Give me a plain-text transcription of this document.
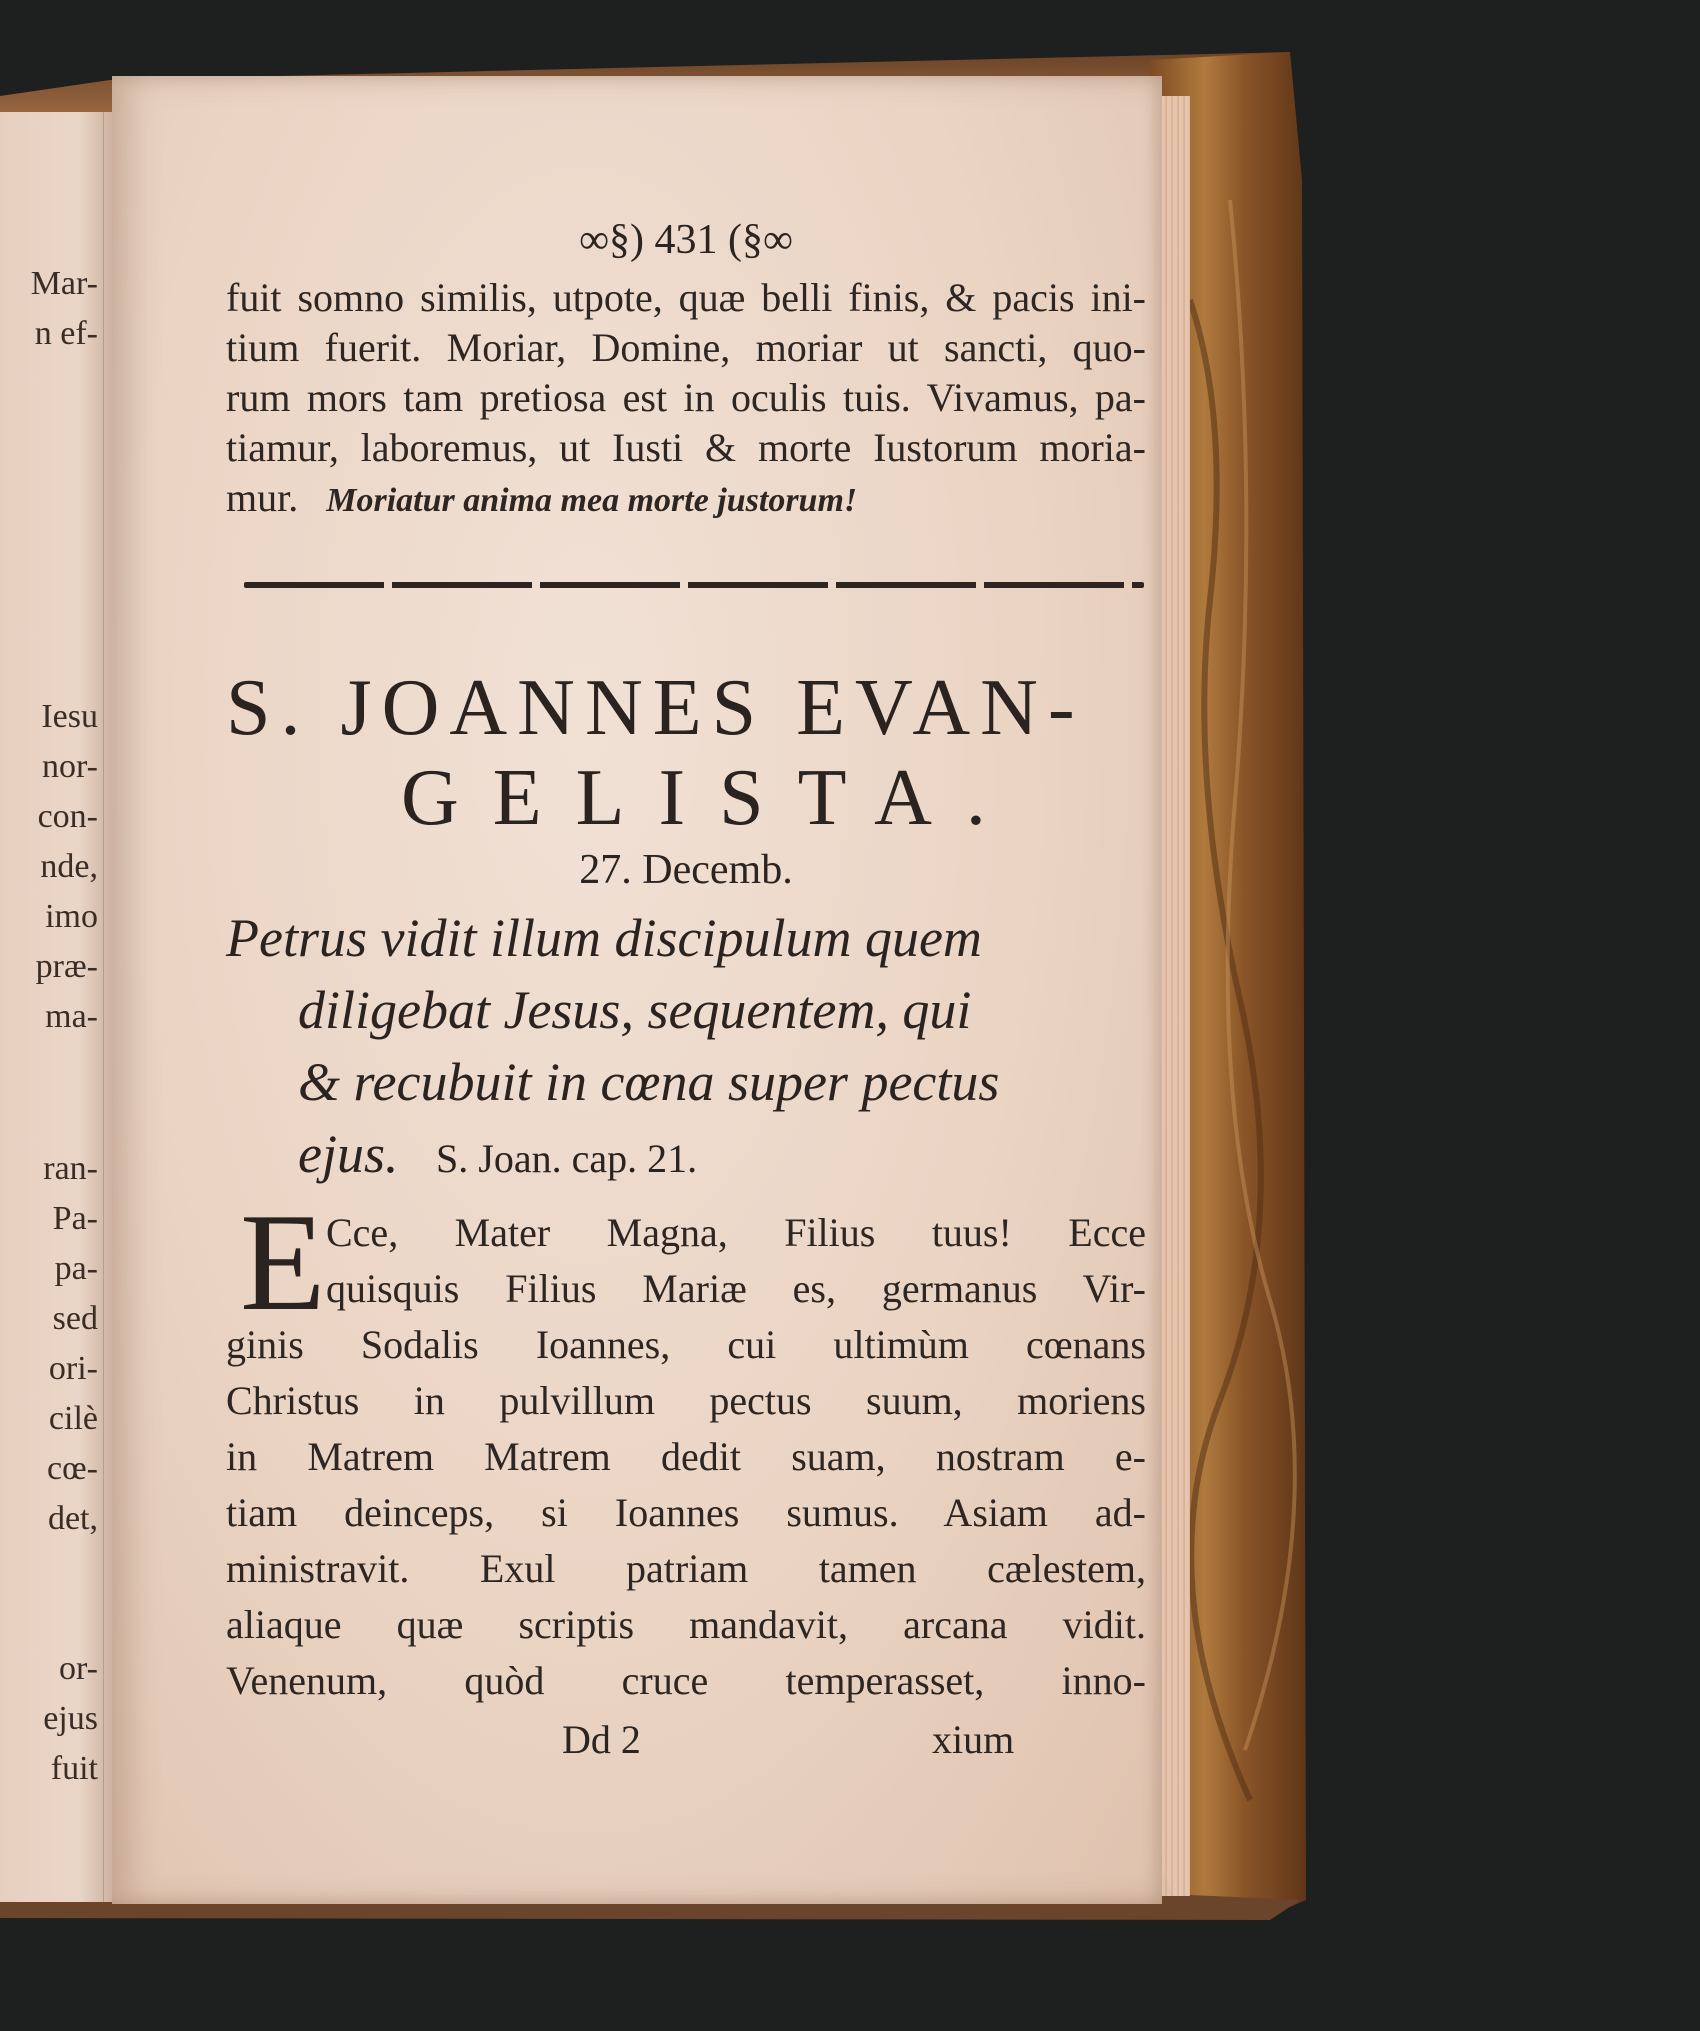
Mar-
n ef-
Iesu
nor-
con-
nde,
imo
præ-
ma-
ran-
Pa-
pa-
sed
ori-
cilè
cœ-
det,
or-
ejus
fuit
∞§) 431 (§∞
fuit somno similis, utpote, quæ belli finis, & pacis ini-
tium fuerit. Moriar, Domine, moriar ut sancti, quo-
rum mors tam pretiosa est in oculis tuis. Vivamus, pa-
tiamur, laboremus, ut Iusti & morte Iustorum moria-
mur. Moriatur anima mea morte justorum!
S. JOANNES EVAN-
GELISTA.
27. Decemb.
Petrus vidit illum discipulum quem
diligebat Jesus, sequentem, qui
& recubuit in cœna super pectus
ejus. S. Joan. cap. 21.
E Cce, Mater Magna, Filius tuus! Ecce
quisquis Filius Mariæ es, germanus Vir-
ginis Sodalis Ioannes, cui ultimùm cœnans
Christus in pulvillum pectus suum, moriens
in Matrem Matrem dedit suam, nostram e-
tiam deinceps, si Ioannes sumus. Asiam ad-
ministravit. Exul patriam tamen cælestem,
aliaque quæ scriptis mandavit, arcana vidit.
Venenum, quòd cruce temperasset, inno-
Dd 2	xium
